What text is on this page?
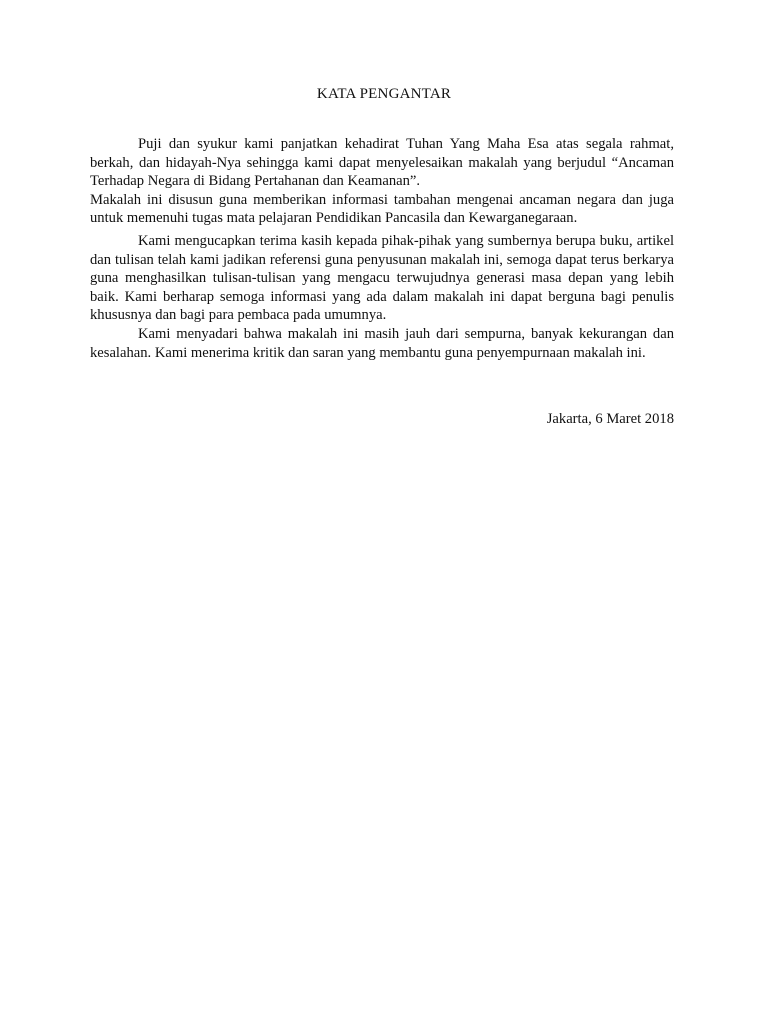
KATA PENGANTAR

Puji dan syukur kami panjatkan kehadirat Tuhan Yang Maha Esa atas segala rahmat, berkah, dan hidayah-Nya sehingga kami dapat menyelesaikan makalah yang berjudul “Ancaman Terhadap Negara di Bidang Pertahanan dan Keamanan”.

Makalah ini disusun guna memberikan informasi tambahan mengenai ancaman negara dan juga untuk memenuhi tugas mata pelajaran Pendidikan Pancasila dan Kewarganegaraan.

Kami mengucapkan terima kasih kepada pihak-pihak yang sumbernya berupa buku, artikel dan tulisan telah kami jadikan referensi guna penyusunan makalah ini, semoga dapat terus berkarya guna menghasilkan tulisan-tulisan yang mengacu terwujudnya generasi masa depan yang lebih baik. Kami berharap semoga informasi yang ada dalam makalah ini dapat berguna bagi penulis khususnya dan bagi para pembaca pada umumnya.

Kami menyadari bahwa makalah ini masih jauh dari sempurna, banyak kekurangan dan kesalahan. Kami menerima kritik dan saran yang membantu guna penyempurnaan makalah ini.

Jakarta, 6 Maret 2018
